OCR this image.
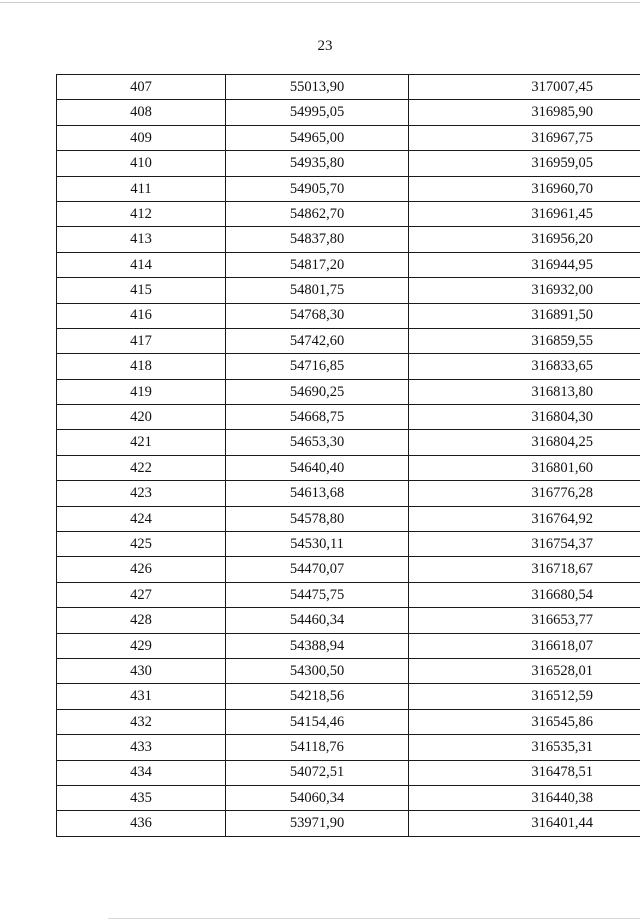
23
407	55013,90	317007,45
408	54995,05	316985,90
409	54965,00	316967,75
410	54935,80	316959,05
411	54905,70	316960,70
412	54862,70	316961,45
413	54837,80	316956,20
414	54817,20	316944,95
415	54801,75	316932,00
416	54768,30	316891,50
417	54742,60	316859,55
418	54716,85	316833,65
419	54690,25	316813,80
420	54668,75	316804,30
421	54653,30	316804,25
422	54640,40	316801,60
423	54613,68	316776,28
424	54578,80	316764,92
425	54530,11	316754,37
426	54470,07	316718,67
427	54475,75	316680,54
428	54460,34	316653,77
429	54388,94	316618,07
430	54300,50	316528,01
431	54218,56	316512,59
432	54154,46	316545,86
433	54118,76	316535,31
434	54072,51	316478,51
435	54060,34	316440,38
436	53971,90	316401,44
